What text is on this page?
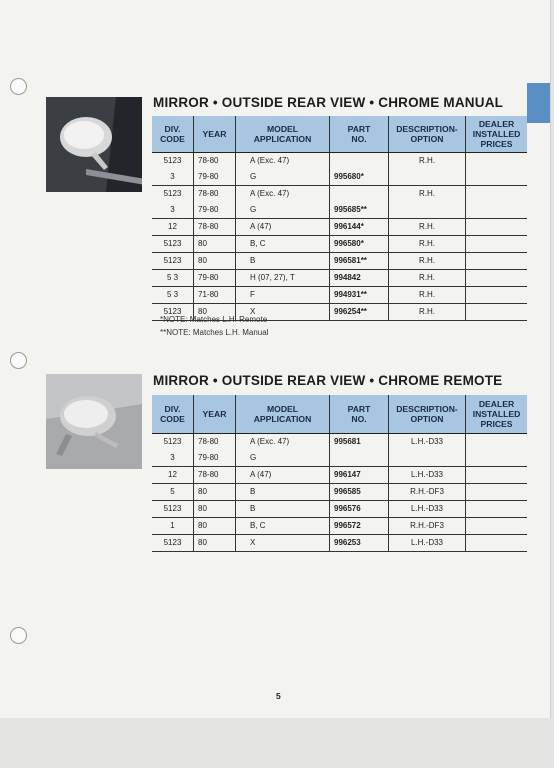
MIRROR • OUTSIDE REAR VIEW • CHROME MANUAL
DIV.
CODE	YEAR	MODEL
APPLICATION	PART
NO.	DESCRIPTION-
OPTION	DEALER
INSTALLED
PRICES
5123	78-80	A (Exc. 47)		R.H.	
3	79-80	G	995680*		
5123	78-80	A (Exc. 47)		R.H.	
3	79-80	G	995685**		
12	78-80	A (47)	996144*	R.H.	
5123	80	B, C	996580*	R.H.	
5123	80	B	996581**	R.H.	
5 3	79-80	H (07, 27), T	994842	R.H.	
5 3	71-80	F	994931**	R.H.	
5123	80	X	996254**	R.H.	
*NOTE: Matches L.H. Remote
**NOTE: Matches L.H. Manual
MIRROR • OUTSIDE REAR VIEW • CHROME REMOTE
DIV.
CODE	YEAR	MODEL
APPLICATION	PART
NO.	DESCRIPTION-
OPTION	DEALER
INSTALLED
PRICES
5123	78-80	A (Exc. 47)	995681	L.H.-D33	
3	79-80	G			
12	78-80	A (47)	996147	L.H.-D33	
5	80	B	996585	R.H.-DF3	
5123	80	B	996576	L.H.-D33	
1	80	B, C	996572	R.H.-DF3	
5123	80	X	996253	L.H.-D33	
5
